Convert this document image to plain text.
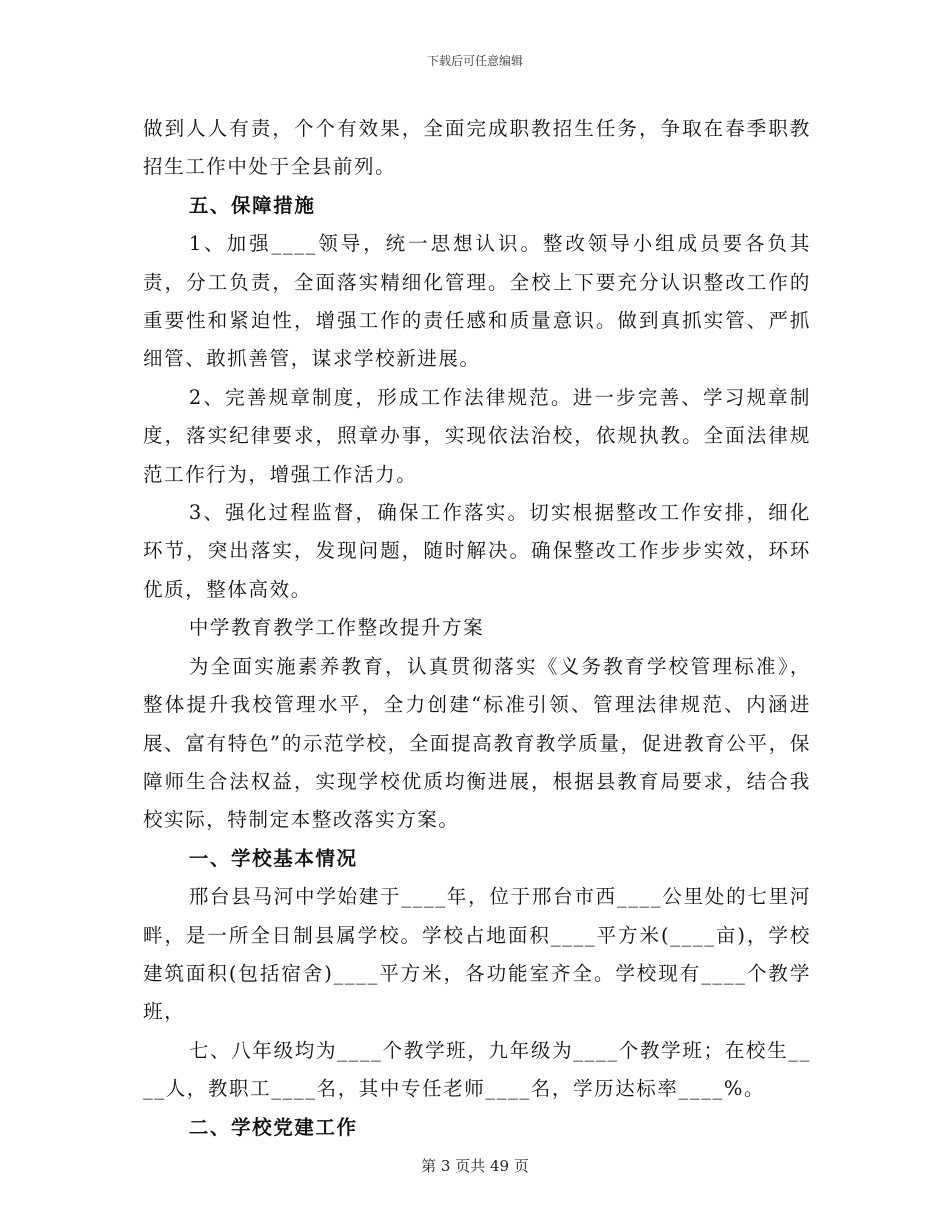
下载后可任意编辑

做到人人有责，个个有效果，全面完成职教招生任务，争取在春季职教招生工作中处于全县前列。

五、保障措施

1、加强____领导，统一思想认识。整改领导小组成员要各负其责，分工负责，全面落实精细化管理。全校上下要充分认识整改工作的重要性和紧迫性，增强工作的责任感和质量意识。做到真抓实管、严抓细管、敢抓善管，谋求学校新进展。

2、完善规章制度，形成工作法律规范。进一步完善、学习规章制度，落实纪律要求，照章办事，实现依法治校，依规执教。全面法律规范工作行为，增强工作活力。

3、强化过程监督，确保工作落实。切实根据整改工作安排，细化环节，突出落实，发现问题，随时解决。确保整改工作步步实效，环环优质，整体高效。

中学教育教学工作整改提升方案

为全面实施素养教育，认真贯彻落实《义务教育学校管理标准》，整体提升我校管理水平，全力创建“标准引领、管理法律规范、内涵进展、富有特色”的示范学校，全面提高教育教学质量，促进教育公平，保障师生合法权益，实现学校优质均衡进展，根据县教育局要求，结合我校实际，特制定本整改落实方案。

一、学校基本情况

邢台县马河中学始建于____年，位于邢台市西____公里处的七里河畔，是一所全日制县属学校。学校占地面积____平方米(____亩)，学校建筑面积(包括宿舍)____平方米，各功能室齐全。学校现有____个教学班，

七、八年级均为____个教学班，九年级为____个教学班；在校生____人，教职工____名，其中专任老师____名，学历达标率____%。

二、学校党建工作

第 3 页共 49 页
